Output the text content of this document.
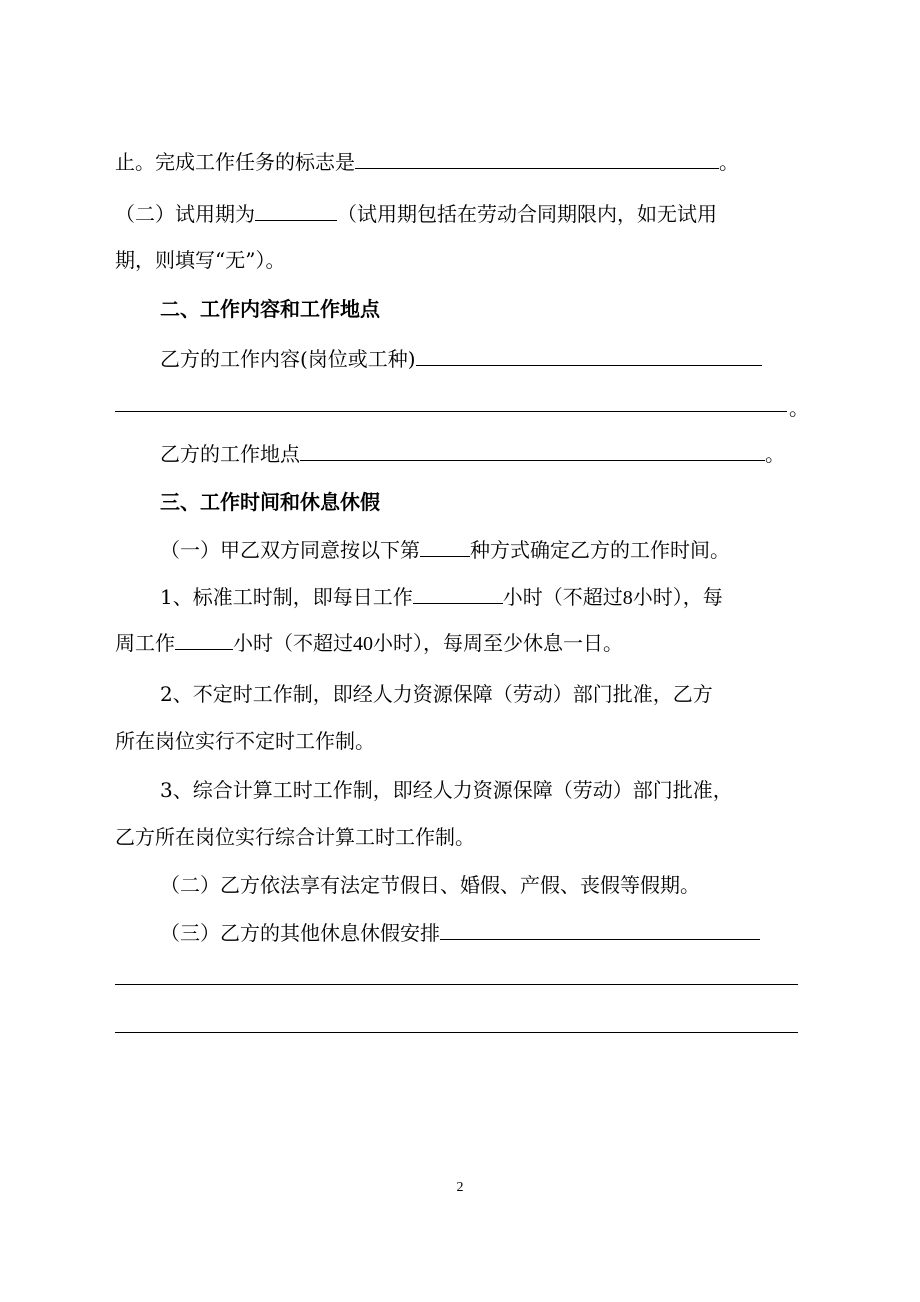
止。完成工作任务的标志是	。
（二）试用期为	（试用期包括在劳动合同期限内，如无试用
期，则填写“无”）。
二、工作内容和工作地点
乙方的工作内容(岗位或工种)
。
乙方的工作地点	。
三、工作时间和休息休假
（一）甲乙双方同意按以下第	种方式确定乙方的工作时间。
1、标准工时制，即每日工作	小时（不超过8小时），每
周工作	小时（不超过40小时），每周至少休息一日。
2、不定时工作制，即经人力资源保障（劳动）部门批准，乙方
所在岗位实行不定时工作制。
3、综合计算工时工作制，即经人力资源保障（劳动）部门批准，
乙方所在岗位实行综合计算工时工作制。
（二）乙方依法享有法定节假日、婚假、产假、丧假等假期。
（三）乙方的其他休息休假安排
2
